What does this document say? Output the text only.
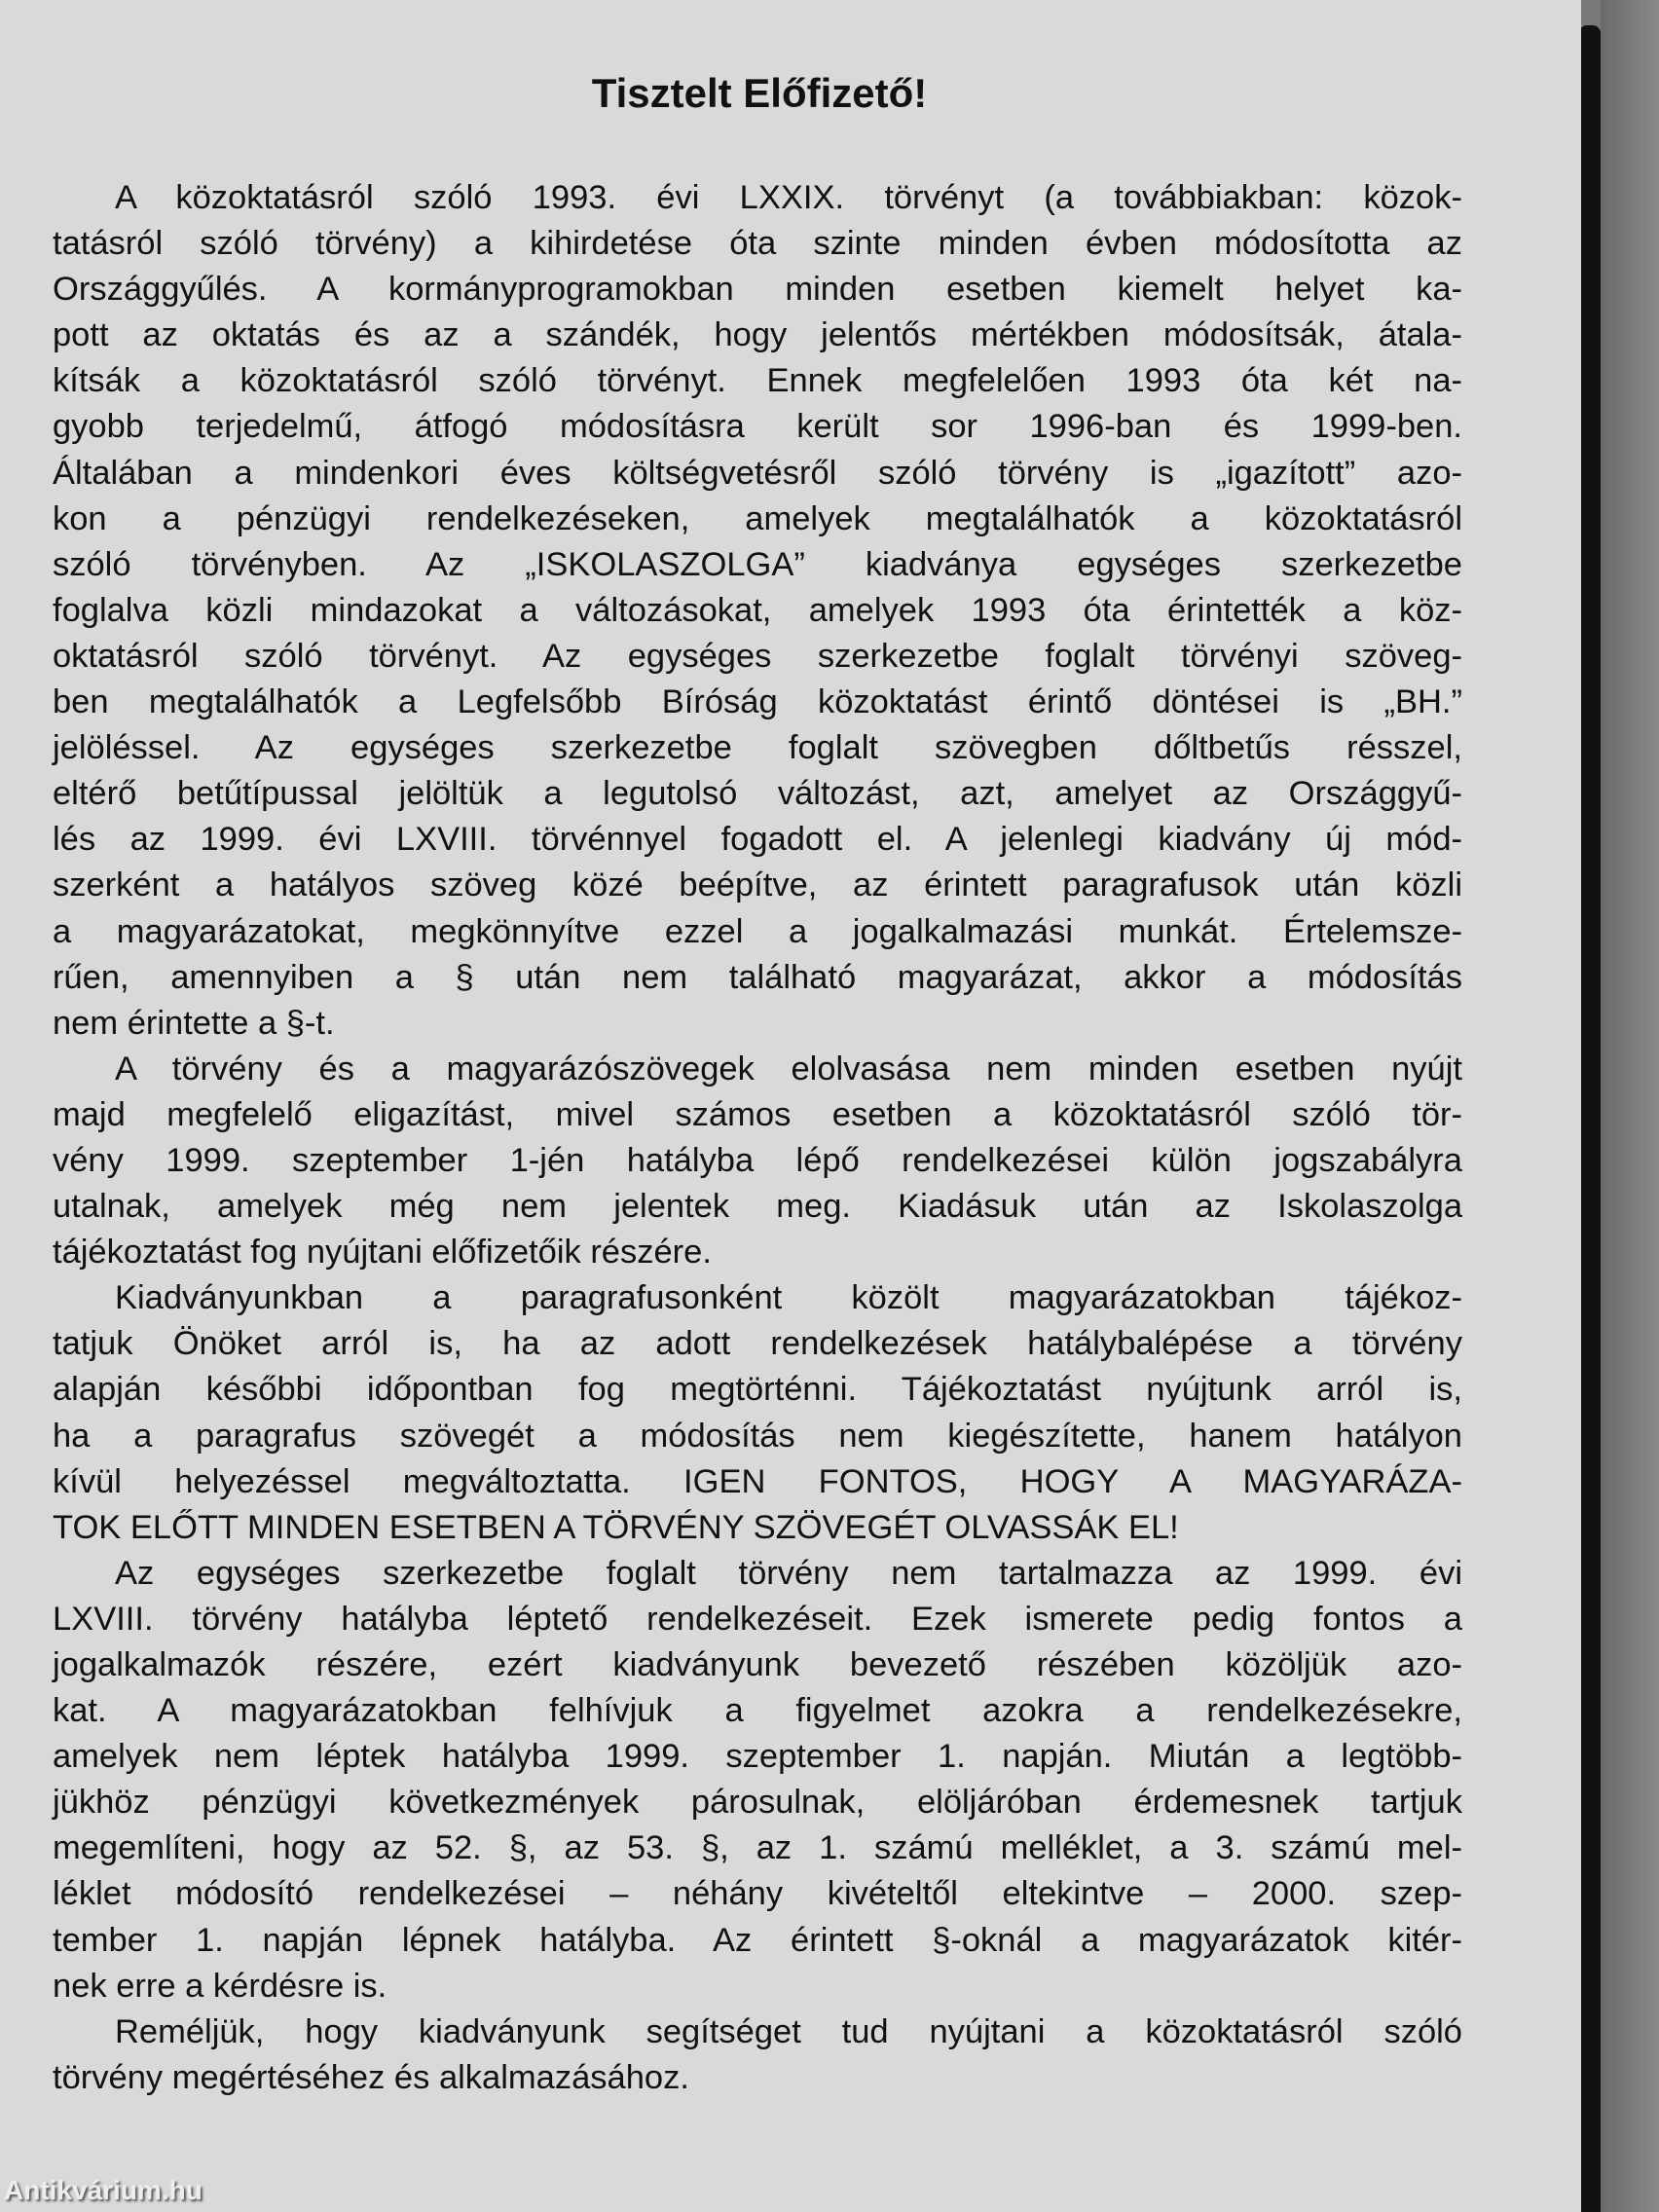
Tisztelt Előfizető!
A közoktatásról szóló 1993. évi LXXIX. törvényt (a továbbiakban: közok-
tatásról szóló törvény) a kihirdetése óta szinte minden évben módosította az
Országgyűlés. A kormányprogramokban minden esetben kiemelt helyet ka-
pott az oktatás és az a szándék, hogy jelentős mértékben módosítsák, átala-
kítsák a közoktatásról szóló törvényt. Ennek megfelelően 1993 óta két na-
gyobb terjedelmű, átfogó módosításra került sor 1996-ban és 1999-ben.
Általában a mindenkori éves költségvetésről szóló törvény is „igazított” azo-
kon a pénzügyi rendelkezéseken, amelyek megtalálhatók a közoktatásról
szóló törvényben. Az „ISKOLASZOLGA” kiadványa egységes szerkezetbe
foglalva közli mindazokat a változásokat, amelyek 1993 óta érintették a köz-
oktatásról szóló törvényt. Az egységes szerkezetbe foglalt törvényi szöveg-
ben megtalálhatók a Legfelsőbb Bíróság közoktatást érintő döntései is „BH.”
jelöléssel. Az egységes szerkezetbe foglalt szövegben dőltbetűs résszel,
eltérő betűtípussal jelöltük a legutolsó változást, azt, amelyet az Országgyű-
lés az 1999. évi LXVIII. törvénnyel fogadott el. A jelenlegi kiadvány új mód-
szerként a hatályos szöveg közé beépítve, az érintett paragrafusok után közli
a magyarázatokat, megkönnyítve ezzel a jogalkalmazási munkát. Értelemsze-
rűen, amennyiben a § után nem található magyarázat, akkor a módosítás
nem érintette a §-t.
A törvény és a magyarázószövegek elolvasása nem minden esetben nyújt
majd megfelelő eligazítást, mivel számos esetben a közoktatásról szóló tör-
vény 1999. szeptember 1-jén hatályba lépő rendelkezései külön jogszabályra
utalnak, amelyek még nem jelentek meg. Kiadásuk után az Iskolaszolga
tájékoztatást fog nyújtani előfizetőik részére.
Kiadványunkban a paragrafusonként közölt magyarázatokban tájékoz-
tatjuk Önöket arról is, ha az adott rendelkezések hatálybalépése a törvény
alapján későbbi időpontban fog megtörténni. Tájékoztatást nyújtunk arról is,
ha a paragrafus szövegét a módosítás nem kiegészítette, hanem hatályon
kívül helyezéssel megváltoztatta. IGEN FONTOS, HOGY A MAGYARÁZA-
TOK ELŐTT MINDEN ESETBEN A TÖRVÉNY SZÖVEGÉT OLVASSÁK EL!
Az egységes szerkezetbe foglalt törvény nem tartalmazza az 1999. évi
LXVIII. törvény hatályba léptető rendelkezéseit. Ezek ismerete pedig fontos a
jogalkalmazók részére, ezért kiadványunk bevezető részében közöljük azo-
kat. A magyarázatokban felhívjuk a figyelmet azokra a rendelkezésekre,
amelyek nem léptek hatályba 1999. szeptember 1. napján. Miután a legtöbb-
jükhöz pénzügyi következmények párosulnak, elöljáróban érdemesnek tartjuk
megemlíteni, hogy az 52. §, az 53. §, az 1. számú melléklet, a 3. számú mel-
léklet módosító rendelkezései – néhány kivételtől eltekintve – 2000. szep-
tember 1. napján lépnek hatályba. Az érintett §-oknál a magyarázatok kitér-
nek erre a kérdésre is.
Reméljük, hogy kiadványunk segítséget tud nyújtani a közoktatásról szóló
törvény megértéséhez és alkalmazásához.
Antikvárium.hu
